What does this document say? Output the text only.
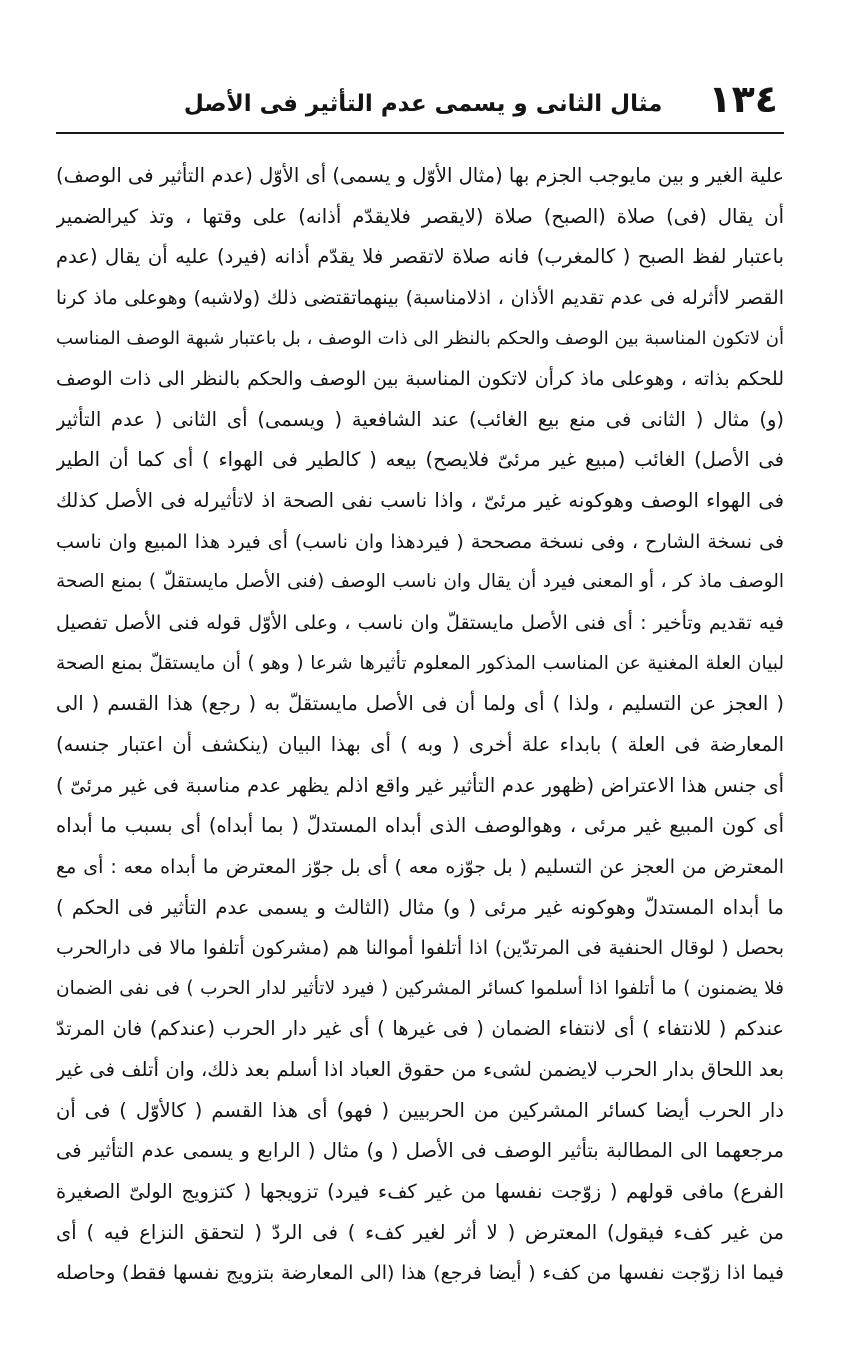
١٣٤
مثال الثانى و يسمى عدم التأثير فى الأصل
علية الغير و بين مايوجب الجزم بها (مثال الأوّل و يسمى) أى الأوّل (عدم التأثير فى الوصف)
أن يقال (فى) صلاة (الصبح) صلاة (لايقصر فلايقدّم أذانه) على وقتها ، وتذ كيرالضمير
باعتبار لفظ الصبح ( كالمغرب) فانه صلاة لاتقصر فلا يقدّم أذانه (فيرد) عليه أن يقال (عدم
القصر لاأثرله فى عدم تقديم الأذان ، اذلامناسبة) بينهماتقتضى ذلك (ولاشبه) وهوعلى ماذ كرنا
أن لاتكون المناسبة بين الوصف والحكم بالنظر الى ذات الوصف ، بل باعتبار شبهة الوصف المناسب
للحكم بذاته ، وهوعلى ماذ كرأن لاتكون المناسبة بين الوصف والحكم بالنظر الى ذات الوصف
(و) مثال ( الثانى فى منع بيع الغائب) عند الشافعية ( ويسمى) أى الثانى ( عدم التأثير
فى الأصل) الغائب (مبيع غير مرئىّ فلايصح) بيعه ( كالطير فى الهواء ) أى كما أن الطير
فى الهواء الوصف وهوكونه غير مرئىّ ، واذا ناسب نفى الصحة اذ لاتأثيرله فى الأصل كذلك
فى نسخة الشارح ، وفى نسخة مصححة ( فيردهذا وان ناسب) أى فيرد هذا المبيع وان ناسب
الوصف ماذ كر ، أو المعنى فيرد أن يقال وان ناسب الوصف (فنى الأصل مايستقلّ ) بمنع الصحة
فيه تقديم وتأخير : أى فنى الأصل مايستقلّ وان ناسب ، وعلى الأوّل قوله فنى الأصل تفصيل
لبيان العلة المغنية عن المناسب المذكور المعلوم تأثيرها شرعا ( وهو ) أن مايستقلّ بمنع الصحة
( العجز عن التسليم ، ولذا ) أى ولما أن فى الأصل مايستقلّ به ( رجع) هذا القسم ( الى
المعارضة فى العلة ) بابداء علة أخرى ( وبه ) أى بهذا البيان (ينكشف أن اعتبار جنسه)
أى جنس هذا الاعتراض (ظهور عدم التأثير غير واقع اذلم يظهر عدم مناسبة فى غير مرئىّ )
أى كون المبيع غير مرئى ، وهوالوصف الذى أبداه المستدلّ ( بما أبداه) أى بسبب ما أبداه
المعترض من العجز عن التسليم ( بل جوّزه معه ) أى بل جوّز المعترض ما أبداه معه : أى مع
ما أبداه المستدلّ وهوكونه غير مرئى ( و) مثال (الثالث و يسمى عدم التأثير فى الحكم )
بحصل ( لوقال الحنفية فى المرتدّين) اذا أتلفوا أموالنا هم (مشركون أتلفوا مالا فى دارالحرب
فلا يضمنون ) ما أتلفوا اذا أسلموا كسائر المشركين ( فيرد لاتأثير لدار الحرب ) فى نفى الضمان
عندكم ( للانتفاء ) أى لانتفاء الضمان ( فى غيرها ) أى غير دار الحرب (عندكم) فان المرتدّ
بعد اللحاق بدار الحرب لايضمن لشىء من حقوق العباد اذا أسلم بعد ذلك، وان أتلف فى غير
دار الحرب أيضا كسائر المشركين من الحربيين ( فهو) أى هذا القسم ( كالأوّل ) فى أن
مرجعهما الى المطالبة بتأثير الوصف فى الأصل ( و) مثال ( الرابع و يسمى عدم التأثير فى
الفرع) مافى قولهم ( زوّجت نفسها من غير كفء فيرد) تزويجها ( كتزويج الولىّ الصغيرة
من غير كفء فيقول) المعترض ( لا أثر لغير كفء ) فى الردّ ( لتحقق النزاع فيه ) أى
فيما اذا زوّجت نفسها من كفء ( أيضا فرجع) هذا (الى المعارضة بتزويج نفسها فقط) وحاصله
